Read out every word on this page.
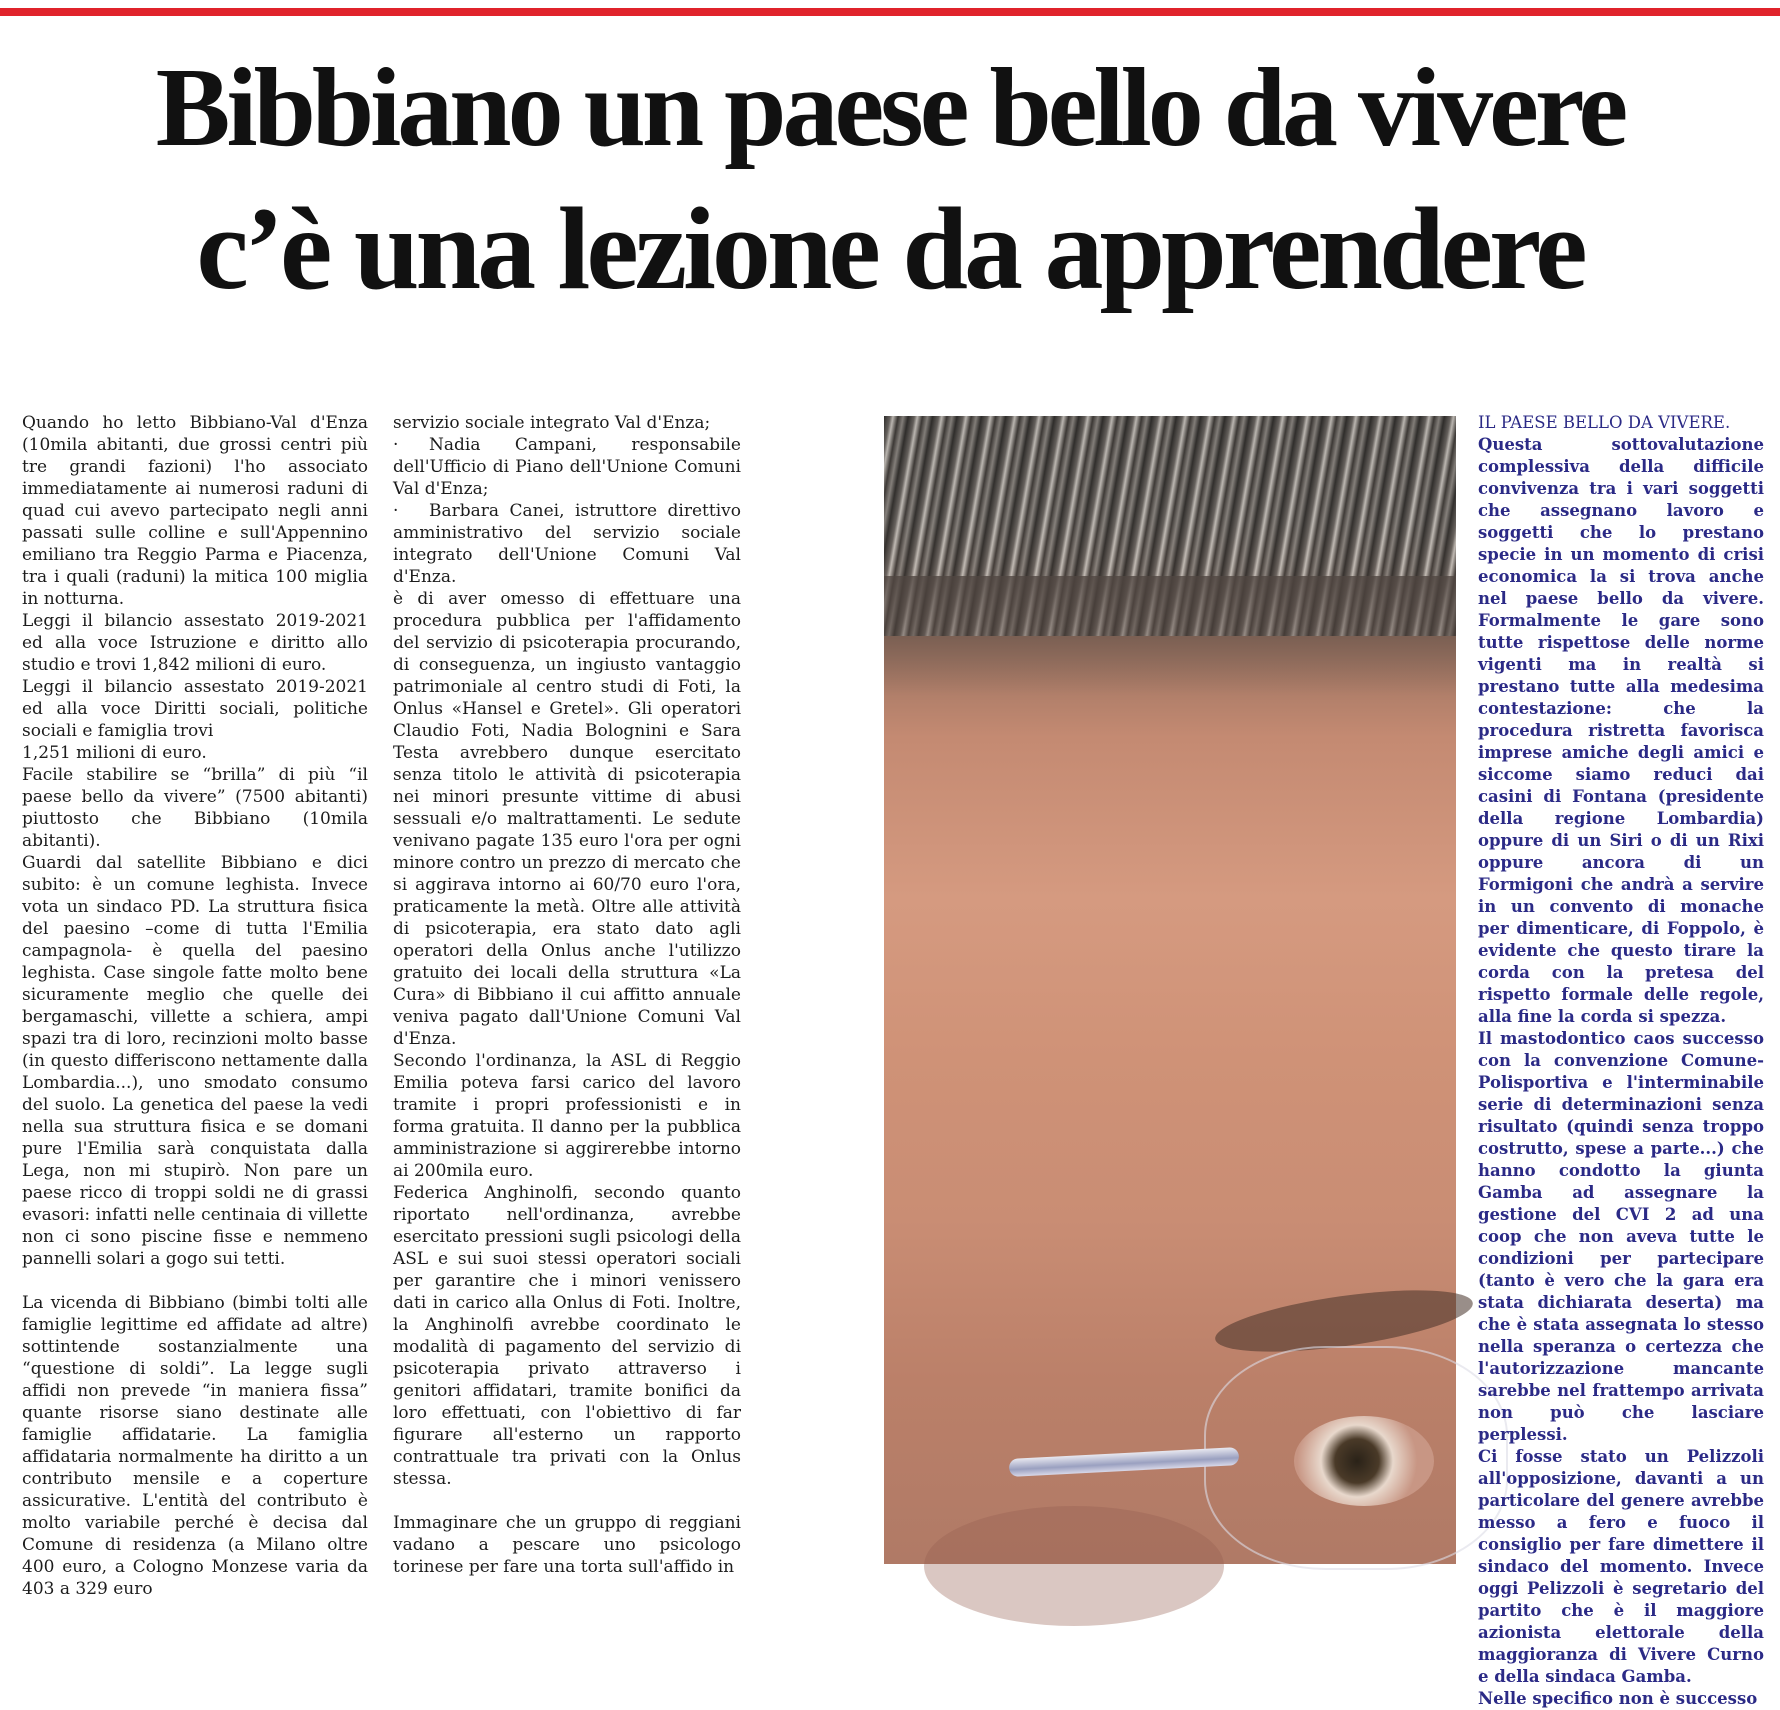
Bibbiano un paese bello da vivere
c’è una lezione da apprendere

Quando ho letto Bibbiano-Val d'Enza (10mila abitanti, due grossi centri più tre grandi fazioni) l'ho associato immediatamente ai numerosi raduni di quad cui avevo partecipato negli anni passati sulle colline e sull'Appennino emiliano tra Reggio Parma e Piacenza, tra i quali (raduni) la mitica 100 miglia in notturna.

Leggi il bilancio assestato 2019-2021 ed alla voce Istruzione e diritto allo studio e trovi 1,842 milioni di euro.

Leggi il bilancio assestato 2019-2021 ed alla voce Diritti sociali, politiche sociali e famiglia trovi

1,251 milioni di euro.

Facile stabilire se “brilla” di più “il paese bello da vivere” (7500 abitanti) piuttosto che Bibbiano (10mila abitanti).

Guardi dal satellite Bibbiano e dici subito: è un comune leghista. Invece vota un sindaco PD. La struttura fisica del paesino –come di tutta l'Emilia campagnola- è quella del paesino leghista. Case singole fatte molto bene sicuramente meglio che quelle dei bergamaschi, villette a schiera, ampi spazi tra di loro, recinzioni molto basse (in questo differiscono nettamente dalla Lombardia...), uno smodato consumo del suolo. La genetica del paese la vedi nella sua struttura fisica e se domani pure l'Emilia sarà conquistata dalla Lega, non mi stupirò. Non pare un paese ricco di troppi soldi ne di grassi evasori: infatti nelle centinaia di villette non ci sono piscine fisse e nemmeno pannelli solari a gogo sui tetti.

La vicenda di Bibbiano (bimbi tolti alle famiglie legittime ed affidate ad altre) sottintende sostanzialmente una “questione di soldi”. La legge sugli affidi non prevede “in maniera fissa” quante risorse siano destinate alle famiglie affidatarie. La famiglia affidataria normalmente ha diritto a un contributo mensile e a coperture assicurative. L'entità del contributo è molto variabile perché è decisa dal Comune di residenza (a Milano oltre 400 euro, a Cologno Monzese varia da 403 a 329 euro

servizio sociale integrato Val d'Enza;

· Nadia Campani, responsabile dell'Ufficio di Piano dell'Unione Comuni Val d'Enza;

· Barbara Canei, istruttore direttivo amministrativo del servizio sociale integrato dell'Unione Comuni Val d'Enza.

è di aver omesso di effettuare una procedura pubblica per l'affidamento del servizio di psicoterapia procurando, di conseguenza, un ingiusto vantaggio patrimoniale al centro studi di Foti, la Onlus «Hansel e Gretel». Gli operatori Claudio Foti, Nadia Bolognini e Sara Testa avrebbero dunque esercitato senza titolo le attività di psicoterapia nei minori presunte vittime di abusi sessuali e/o maltrattamenti. Le sedute venivano pagate 135 euro l'ora per ogni minore contro un prezzo di mercato che si aggirava intorno ai 60/70 euro l'ora, praticamente la metà. Oltre alle attività di psicoterapia, era stato dato agli operatori della Onlus anche l'utilizzo gratuito dei locali della struttura «La Cura» di Bibbiano il cui affitto annuale veniva pagato dall'Unione Comuni Val d'Enza.

Secondo l'ordinanza, la ASL di Reggio Emilia poteva farsi carico del lavoro tramite i propri professionisti e in forma gratuita. Il danno per la pubblica amministrazione si aggirerebbe intorno ai 200mila euro.

Federica Anghinolfi, secondo quanto riportato nell'ordinanza, avrebbe esercitato pressioni sugli psicologi della ASL e sui suoi stessi operatori sociali per garantire che i minori venissero dati in carico alla Onlus di Foti. Inoltre, la Anghinolfi avrebbe coordinato le modalità di pagamento del servizio di psicoterapia privato attraverso i genitori affidatari, tramite bonifici da loro effettuati, con l'obiettivo di far figurare all'esterno un rapporto contrattuale tra privati con la Onlus stessa.

Immaginare che un gruppo di reggiani vadano a pescare uno psicologo torinese per fare una torta sull'affido in

IL PAESE BELLO DA VIVERE.

Questa sottovalutazione complessiva della difficile convivenza tra i vari soggetti che assegnano lavoro e soggetti che lo prestano specie in un momento di crisi economica la si trova anche nel paese bello da vivere. Formalmente le gare sono tutte rispettose delle norme vigenti ma in realtà si prestano tutte alla medesima contestazione: che la procedura ristretta favorisca imprese amiche degli amici e siccome siamo reduci dai casini di Fontana (presidente della regione Lombardia) oppure di un Siri o di un Rixi oppure ancora di un Formigoni che andrà a servire in un convento di monache per dimenticare, di Foppolo, è evidente che questo tirare la corda con la pretesa del rispetto formale delle regole, alla fine la corda si spezza.

Il mastodontico caos successo con la convenzione Comune-Polisportiva e l'interminabile serie di determinazioni senza risultato (quindi senza troppo costrutto, spese a parte...) che hanno condotto la giunta Gamba ad assegnare la gestione del CVI 2 ad una coop che non aveva tutte le condizioni per partecipare (tanto è vero che la gara era stata dichiarata deserta) ma che è stata assegnata lo stesso nella speranza o certezza che l'autorizzazione mancante sarebbe nel frattempo arrivata non può che lasciare perplessi.

Ci fosse stato un Pelizzoli all'opposizione, davanti a un particolare del genere avrebbe messo a fero e fuoco il consiglio per fare dimettere il sindaco del momento. Invece oggi Pelizzoli è segretario del partito che è il maggiore azionista elettorale della maggioranza di Vivere Curno e della sindaca Gamba.

Nelle specifico non è successo
